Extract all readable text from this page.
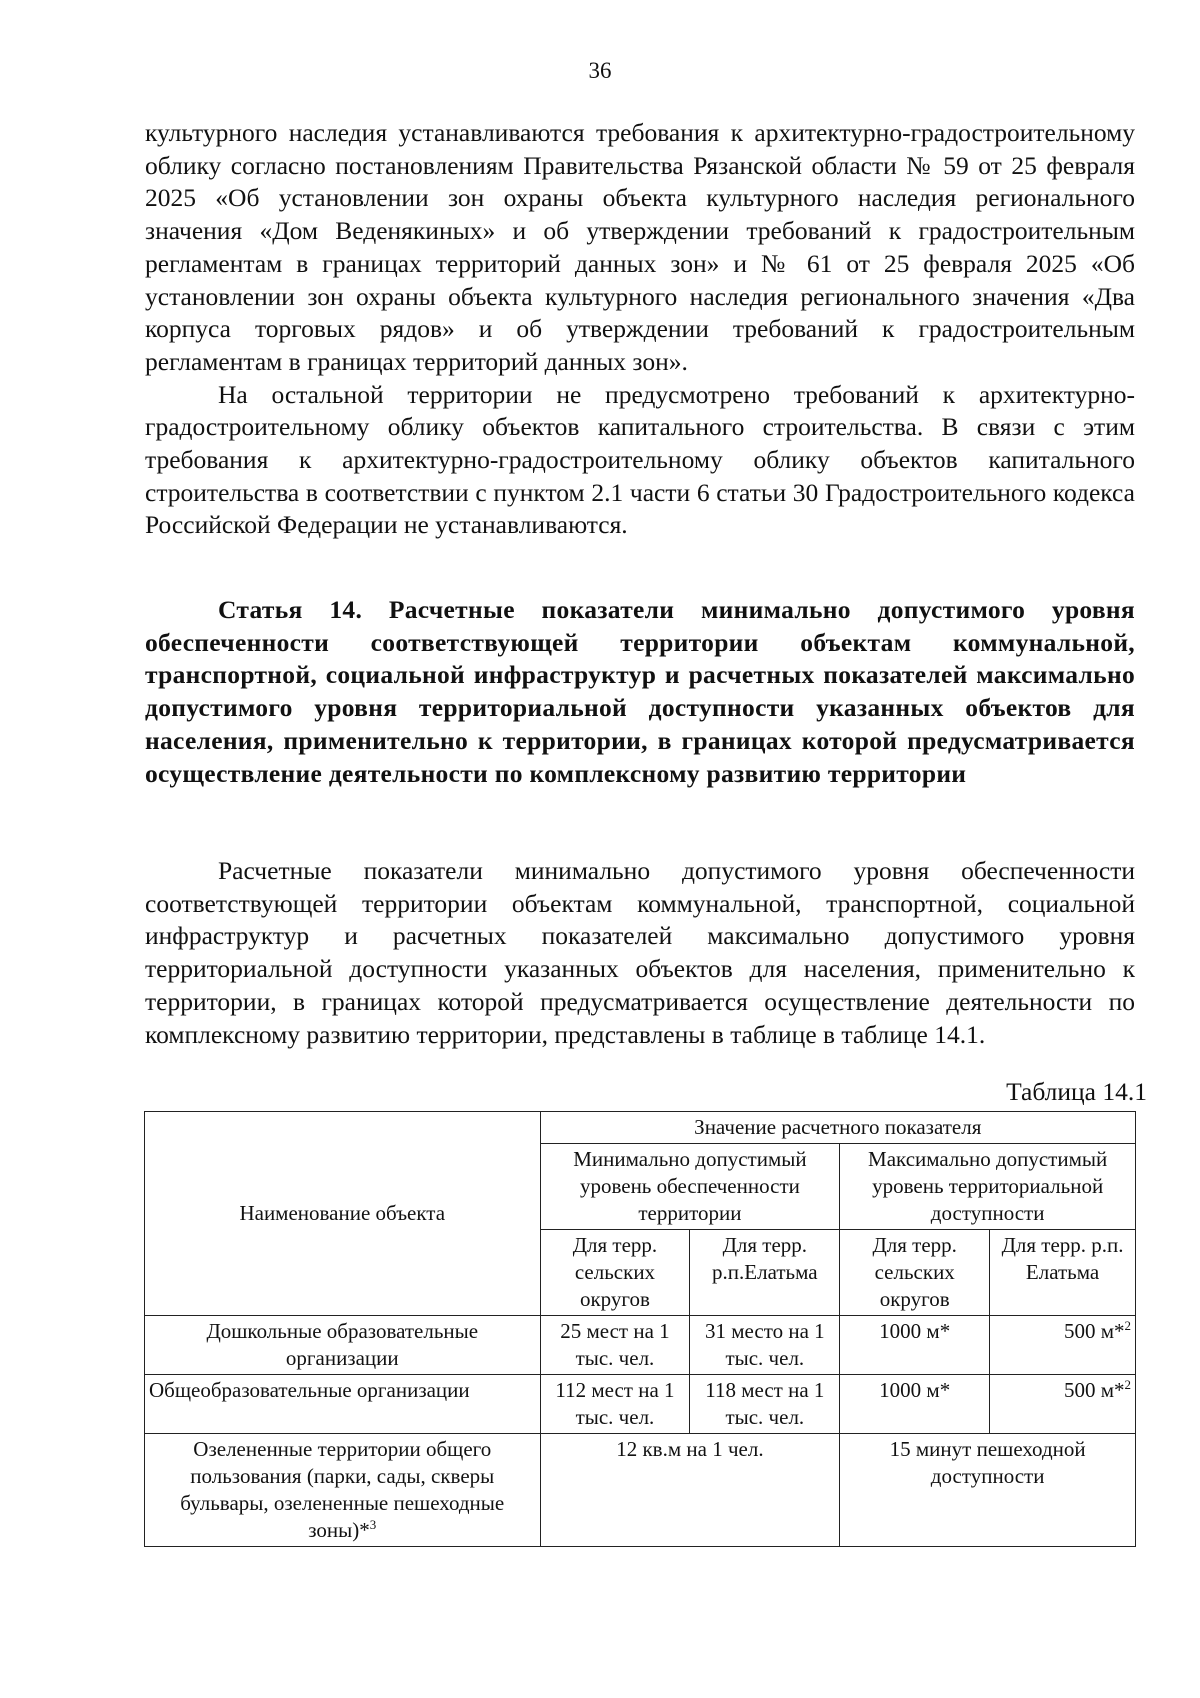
36

культурного наследия устанавливаются требования к архитектурно-градостроительному облику согласно постановлениям Правительства Рязанской области № 59 от 25 февраля 2025 «Об установлении зон охраны объекта культурного наследия регионального значения «Дом Веденякиных» и об утверждении требований к градостроительным регламентам в границах территорий данных зон» и № 61 от 25 февраля 2025 «Об установлении зон охраны объекта культурного наследия регионального значения «Два корпуса торговых рядов» и об утверждении требований к градостроительным регламентам в границах территорий данных зон».

На остальной территории не предусмотрено требований к архитектурно-градостроительному облику объектов капитального строительства. В связи с этим требования к архитектурно-градостроительному облику объектов капитального строительства в соответствии с пунктом 2.1 части 6 статьи 30 Градостроительного кодекса Российской Федерации не устанавливаются.

Статья 14. Расчетные показатели минимально допустимого уровня обеспеченности соответствующей территории объектам коммунальной, транспортной, социальной инфраструктур и расчетных показателей максимально допустимого уровня территориальной доступности указанных объектов для населения, применительно к территории, в границах которой предусматривается осуществление деятельности по комплексному развитию территории

Расчетные показатели минимально допустимого уровня обеспеченности соответствующей территории объектам коммунальной, транспортной, социальной инфраструктур и расчетных показателей максимально допустимого уровня территориальной доступности указанных объектов для населения, применительно к территории, в границах которой предусматривается осуществление деятельности по комплексному развитию территории, представлены в таблице в таблице 14.1.

Таблица 14.1
Наименование объекта	Значение расчетного показателя			
	Минимально допустимый уровень обеспеченности территории		Максимально допустимый уровень территориальной доступности	
	Для терр. сельских округов	Для терр. р.п.Елатьма	Для терр. сельских округов	Для терр. р.п. Елатьма
Дошкольные образовательные организации	25 мест на 1 тыс. чел.	31 место на 1 тыс. чел.	1000 м*	500 м*$^2$
Общеобразовательные организации	112 мест на 1 тыс. чел.	118 мест на 1 тыс. чел.	1000 м*	500 м*$^2$
Озелененные территории общего пользования (парки, сады, скверы бульвары, озелененные пешеходные зоны)*$^3$	12 кв.м на 1 чел.		15 минут пешеходной доступности	
